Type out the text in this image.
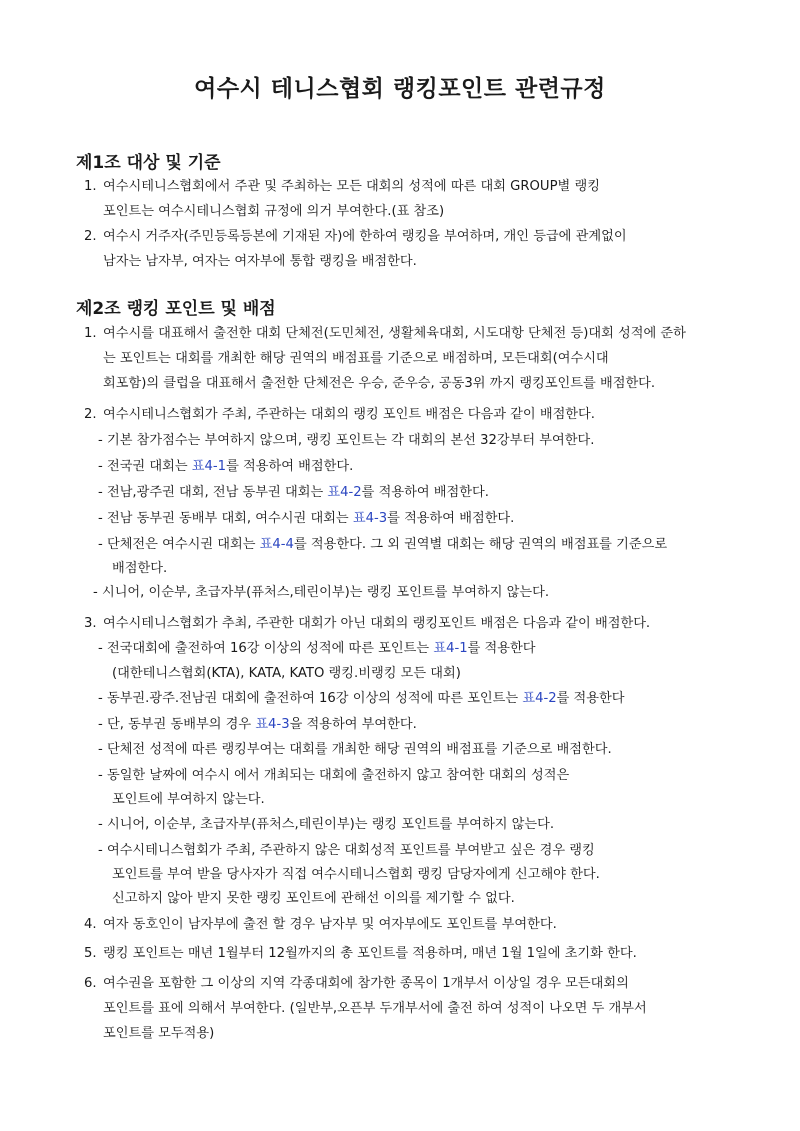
여수시 테니스협회 랭킹포인트 관련규정
제1조 대상 및 기준
1. 여수시테니스협회에서 주관 및 주최하는 모든 대회의 성적에 따른 대회 GROUP별 랭킹

포인트는 여수시테니스협회 규정에 의거 부여한다.(표 참조)

2. 여수시 거주자(주민등록등본에 기재된 자)에 한하여 랭킹을 부여하며, 개인 등급에 관계없이

남자는 남자부, 여자는 여자부에 통합 랭킹을 배점한다.

제2조 랭킹 포인트 및 배점
1. 여수시를 대표해서 출전한 대회 단체전(도민체전, 생활체육대회, 시도대항 단체전 등)대회 성적에 준하

는 포인트는 대회를 개최한 해당 권역의 배점표를 기준으로 배점하며, 모든대회(여수시대

회포함)의 클럽을 대표해서 출전한 단체전은 우승, 준우승, 공동3위 까지 랭킹포인트를 배점한다.

2. 여수시테니스협회가 주최, 주관하는 대회의 랭킹 포인트 배점은 다음과 같이 배점한다.

- 기본 참가점수는 부여하지 않으며, 랭킹 포인트는 각 대회의 본선 32강부터 부여한다.

- 전국권 대회는 표4-1를 적용하여 배점한다.

- 전남,광주권 대회, 전남 동부권 대회는 표4-2를 적용하여 배점한다.

- 전남 동부권 동배부 대회, 여수시권 대회는 표4-3를 적용하여 배점한다.

- 단체전은 여수시권 대회는 표4-4를 적용한다. 그 외 권역별 대회는 해당 권역의 배점표를 기준으로

배점한다.

- 시니어, 이순부, 초급자부(퓨처스,테린이부)는 랭킹 포인트를 부여하지 않는다.

3. 여수시테니스협회가 추최, 주관한 대회가 아닌 대회의 랭킹포인트 배점은 다음과 같이 배점한다.

- 전국대회에 출전하여 16강 이상의 성적에 따른 포인트는 표4-1를 적용한다

(대한테니스협회(KTA), KATA, KATO 랭킹.비랭킹 모든 대회)

- 동부권.광주.전남권 대회에 출전하여 16강 이상의 성적에 따른 포인트는 표4-2를 적용한다

- 단, 동부권 동배부의 경우 표4-3을 적용하여 부여한다.

- 단체전 성적에 따른 랭킹부여는 대회를 개최한 해당 권역의 배점표를 기준으로 배점한다.

- 동일한 날짜에 여수시 에서 개최되는 대회에 출전하지 않고 참여한 대회의 성적은

포인트에 부여하지 않는다.

- 시니어, 이순부, 초급자부(퓨처스,테린이부)는 랭킹 포인트를 부여하지 않는다.

- 여수시테니스협회가 주최, 주관하지 않은 대회성적 포인트를 부여받고 싶은 경우 랭킹

포인트를 부여 받을 당사자가 직접 여수시테니스협회 랭킹 담당자에게 신고해야 한다.

신고하지 않아 받지 못한 랭킹 포인트에 관해선 이의를 제기할 수 없다.

4. 여자 동호인이 남자부에 출전 할 경우 남자부 및 여자부에도 포인트를 부여한다.

5. 랭킹 포인트는 매년 1월부터 12월까지의 총 포인트를 적용하며, 매년 1월 1일에 초기화 한다.

6. 여수권을 포함한 그 이상의 지역 각종대회에 참가한 종목이 1개부서 이상일 경우 모든대회의

포인트를 표에 의해서 부여한다. (일반부,오픈부 두개부서에 출전 하여 성적이 나오면 두 개부서

포인트를 모두적용)
